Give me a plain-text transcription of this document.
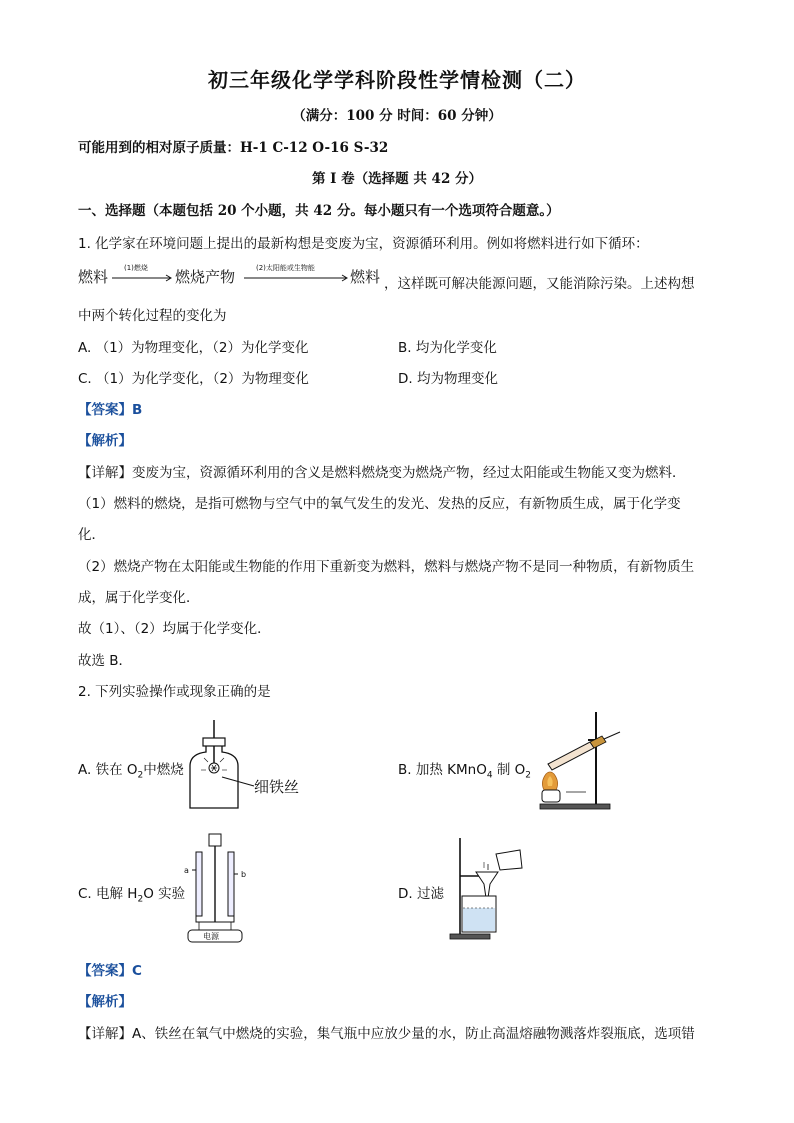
初三年级化学学科阶段性学情检测（二）
（满分：100 分 时间：60 分钟）
可能用到的相对原子质量：H-1 C-12 O-16 S-32
第 I 卷（选择题 共 42 分）
一、选择题（本题包括 20 个小题，共 42 分。每小题只有一个选项符合题意。）
1. 化学家在环境问题上提出的最新构想是变废为宝，资源循环利用。例如将燃料进行如下循环：
燃料 (1)燃烧 燃烧产物	(2)太阳能或生物能 燃料 ，这样既可解决能源问题，又能消除污染。上述构想
中两个转化过程的变化为
A. （1）为物理变化，（2）为化学变化	B. 均为化学变化
C. （1）为化学变化，（2）为物理变化	D. 均为物理变化
【答案】B
【解析】
【详解】变废为宝，资源循环利用的含义是燃料燃烧变为燃烧产物，经过太阳能或生物能又变为燃料．
（1）燃料的燃烧，是指可燃物与空气中的氧气发生的发光、发热的反应，有新物质生成，属于化学变
化．
（2）燃烧产物在太阳能或生物能的作用下重新变为燃料，燃料与燃烧产物不是同一种物质，有新物质生
成，属于化学变化．
故（1）、（2）均属于化学变化．
故选 B．
2. 下列实验操作或现象正确的是
A. 铁在 $O_2$中燃烧
细铁丝
B. 加热 KMnO$_4$ 制 $O_2$
C. 电解 $H_2O$ 实验
a	b
电源
D. 过滤
【答案】C
【解析】
【详解】A、铁丝在氧气中燃烧的实验，集气瓶中应放少量的水，防止高温熔融物溅落炸裂瓶底，选项错
